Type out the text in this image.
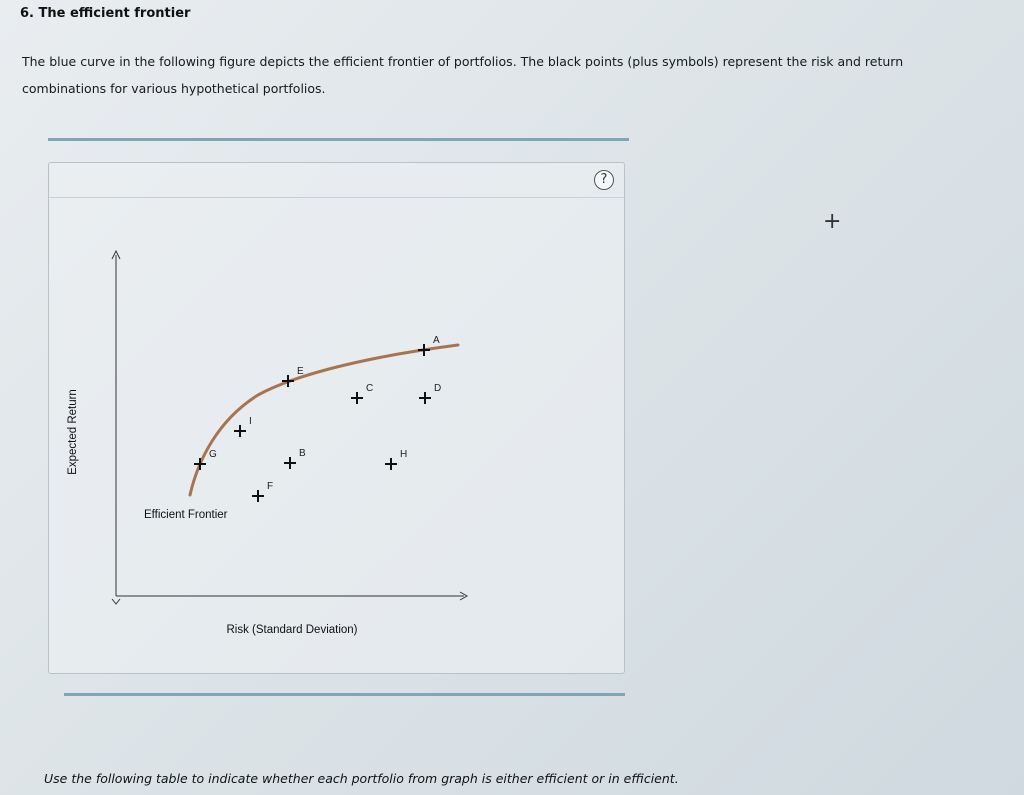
6. The efficient frontier
The blue curve in the following figure depicts the efficient frontier of portfolios. The black points (plus symbols) represent the risk and return combinations for various hypothetical portfolios.
?
Expected Return
Risk (Standard Deviation)
Efficient Frontier
A
B
C	D
E
F
G	H
I
+
Use the following table to indicate whether each portfolio from graph is either efficient or in efficient.
